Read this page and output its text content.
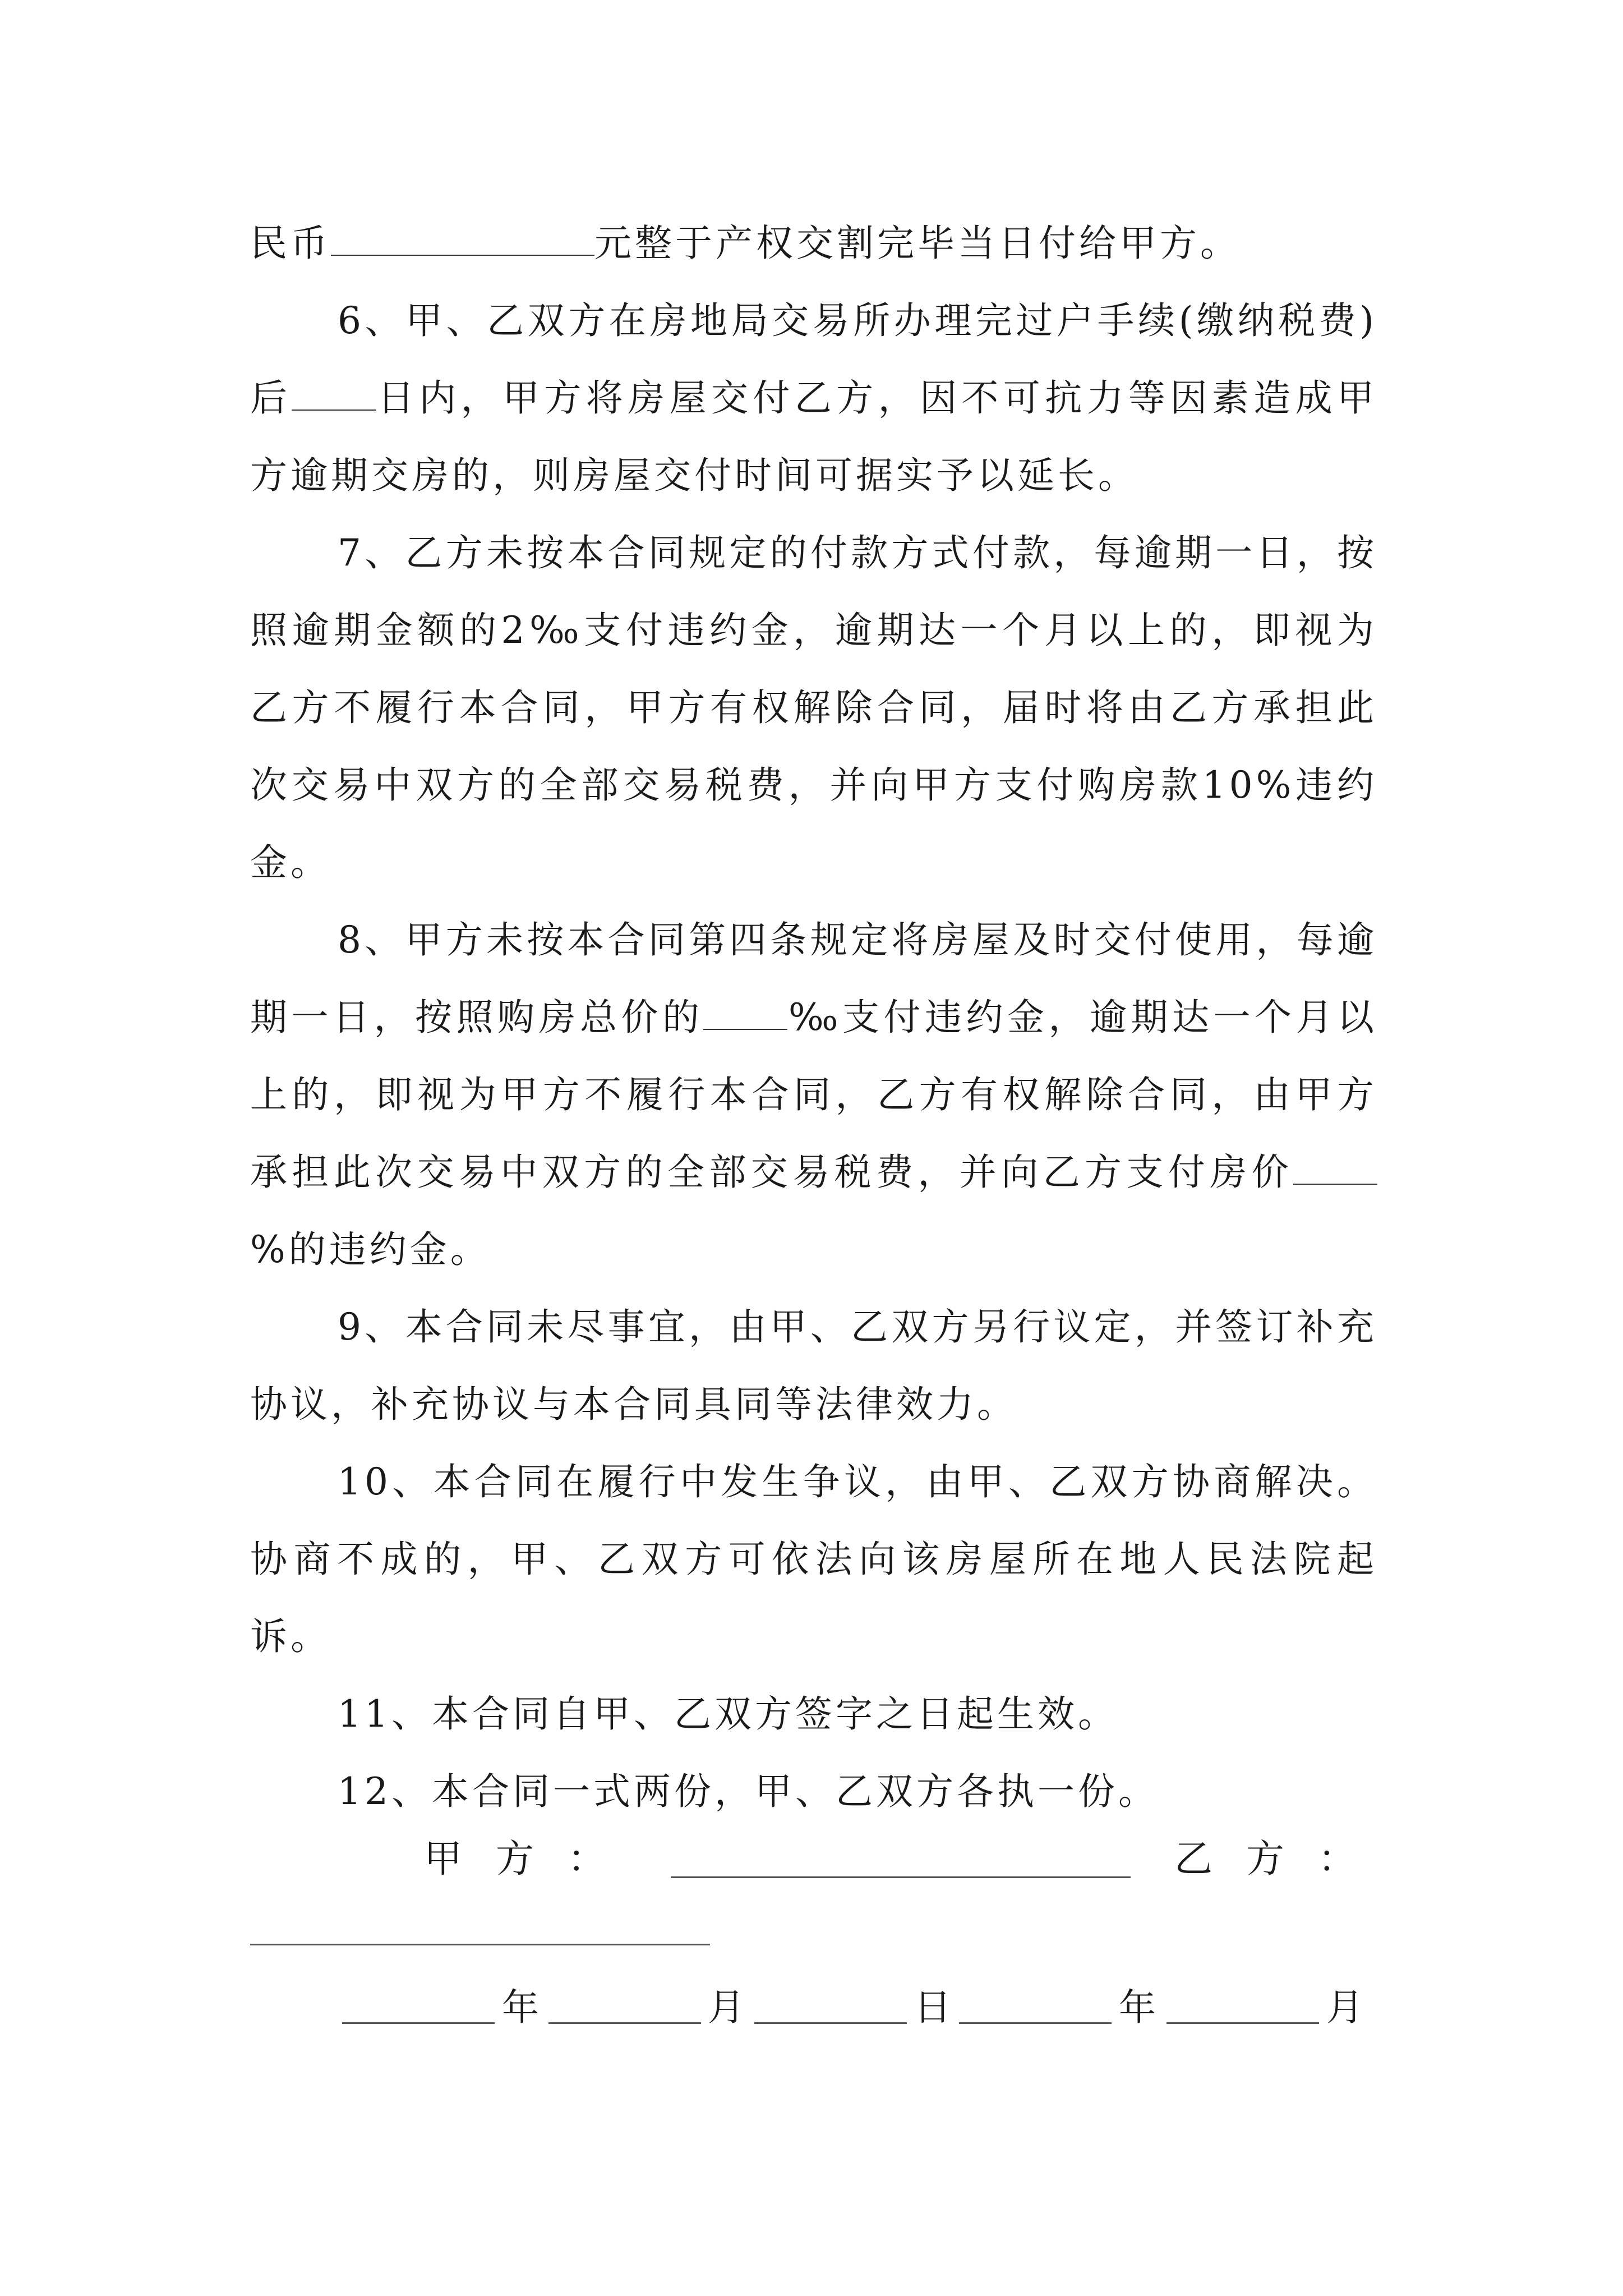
民币	元整于产权交割完毕当日付给甲方。

6、甲、乙双方在房地局交易所办理完过户手续(缴纳税费)后 日内，甲方将房屋交付乙方，因不可抗力等因素造成甲方逾期交房的，则房屋交付时间可据实予以延长。

7、乙方未按本合同规定的付款方式付款，每逾期一日，按照逾期金额的2‰支付违约金，逾期达一个月以上的，即视为乙方不履行本合同，甲方有权解除合同，届时将由乙方承担此次交易中双方的全部交易税费，并向甲方支付购房款10%违约金。

8、甲方未按本合同第四条规定将房屋及时交付使用，每逾期一日，按照购房总价的 ‰支付违约金，逾期达一个月以上的，即视为甲方不履行本合同，乙方有权解除合同，由甲方承担此次交易中双方的全部交易税费，并向乙方支付房价%的违约金。

9、本合同未尽事宜，由甲、乙双方另行议定，并签订补充协议，补充协议与本合同具同等法律效力。

10、本合同在履行中发生争议，由甲、乙双方协商解决。协商不成的，甲、乙双方可依法向该房屋所在地人民法院起诉。

11、本合同自甲、乙双方签字之日起生效。

12、本合同一式两份，甲、乙双方各执一份。

甲方：	乙方：
年	月	日	年	月
